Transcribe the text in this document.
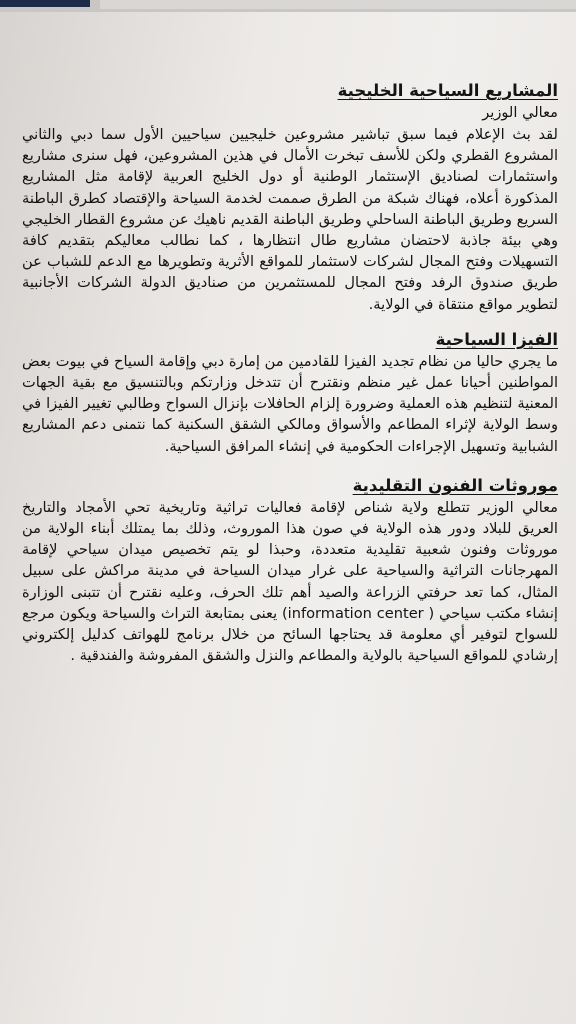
المشاريع السياحية الخليجية

معالي الوزير

لقد بث الإعلام فيما سبق تباشير مشروعين خليجيين سياحيين الأول سما دبي والثاني المشروع القطري ولكن للأسف تبخرت الأمال في هذين المشروعين، فهل سنرى مشاريع واستثمارات لصناديق الإستثمار الوطنية أو دول الخليج العربية لإقامة مثل المشاريع المذكورة أعلاه، فهناك شبكة من الطرق صممت لخدمة السياحة والإقتصاد كطرق الباطنة السريع وطريق الباطنة الساحلي وطريق الباطنة القديم ناهيك عن مشروع القطار الخليجي وهي بيئة جاذبة لاحتضان مشاريع طال انتظارها ، كما نطالب معاليكم بتقديم كافة التسهيلات وفتح المجال لشركات لاستثمار للمواقع الأثرية وتطويرها مع الدعم للشباب عن طريق صندوق الرفد وفتح المجال للمستثمرين من صناديق الدولة الشركات الأجانبية لتطوير مواقع منتقاة في الولاية.

الفيزا السياحية

ما يجري حاليا من نظام تجديد الفيزا للقادمين من إمارة دبي وإقامة السياح في بيوت بعض المواطنين أحيانا عمل غير منظم ونقترح أن تتدخل وزارتكم وبالتنسيق مع بقية الجهات المعنية لتنظيم هذه العملية وضرورة إلزام الحافلات بإنزال السواح وطالبي تغيير الفيزا في وسط الولاية لإثراء المطاعم والأسواق ومالكي الشقق السكنية كما نتمنى دعم المشاريع الشبابية وتسهيل الإجراءات الحكومية في إنشاء المرافق السياحية.

موروثات الفنون التقليدية

معالي الوزير تتطلع ولاية شناص لإقامة فعاليات تراثية وتاريخية تحي الأمجاد والتاريخ العريق للبلاد ودور هذه الولاية في صون هذا الموروث، وذلك بما يمتلك أبناء الولاية من موروثات وفنون شعبية تقليدية متعددة، وحبذا لو يتم تخصيص ميدان سياحي لإقامة المهرجانات التراثية والسياحية على غرار ميدان السياحة في مدينة مراكش على سبيل المثال، كما تعد حرفتي الزراعة والصيد أهم تلك الحرف، وعليه نقترح أن تتبنى الوزارة إنشاء مكتب سياحي ( information center) يعنى بمتابعة التراث والسياحة ويكون مرجع للسواح لتوفير أي معلومة قد يحتاجها السائح من خلال برنامج للهواتف كدليل إلكتروني إرشادي للمواقع السياحية بالولاية والمطاعم والنزل والشقق المفروشة والفندقية .
